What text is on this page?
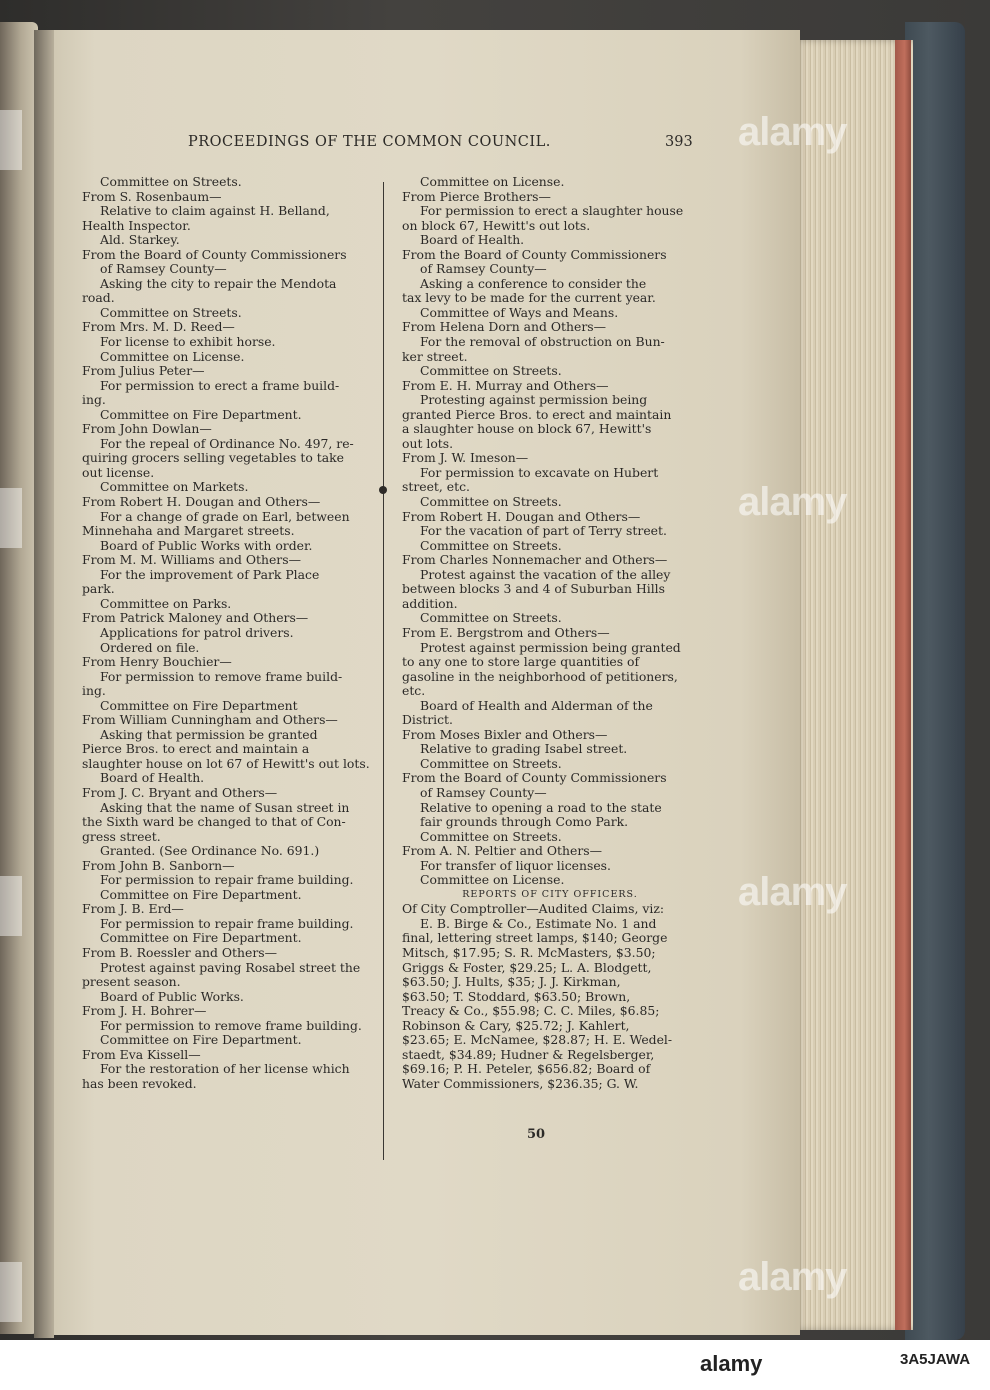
PROCEEDINGS OF THE COMMON COUNCIL.	393
Committee on Streets.
From S. Rosenbaum—
Relative to claim against H. Belland,
Health Inspector.
Ald. Starkey.
From the Board of County Commissioners
of Ramsey County—
Asking the city to repair the Mendota
road.
Committee on Streets.
From Mrs. M. D. Reed—
For license to exhibit horse.
Committee on License.
From Julius Peter—
For permission to erect a frame build-
ing.
Committee on Fire Department.
From John Dowlan—
For the repeal of Ordinance No. 497, re-
quiring grocers selling vegetables to take
out license.
Committee on Markets.
From Robert H. Dougan and Others—
For a change of grade on Earl, between
Minnehaha and Margaret streets.
Board of Public Works with order.
From M. M. Williams and Others—
For the improvement of Park Place
park.
Committee on Parks.
From Patrick Maloney and Others—
Applications for patrol drivers.
Ordered on file.
From Henry Bouchier—
For permission to remove frame build-
ing.
Committee on Fire Department
From William Cunningham and Others—
Asking that permission be granted
Pierce Bros. to erect and maintain a
slaughter house on lot 67 of Hewitt's out lots.
Board of Health.
From J. C. Bryant and Others—
Asking that the name of Susan street in
the Sixth ward be changed to that of Con-
gress street.
Granted. (See Ordinance No. 691.)
From John B. Sanborn—
For permission to repair frame building.
Committee on Fire Department.
From J. B. Erd—
For permission to repair frame building.
Committee on Fire Department.
From B. Roessler and Others—
Protest against paving Rosabel street the
present season.
Board of Public Works.
From J. H. Bohrer—
For permission to remove frame building.
Committee on Fire Department.
From Eva Kissell—
For the restoration of her license which
has been revoked.
Committee on License.
From Pierce Brothers—
For permission to erect a slaughter house
on block 67, Hewitt's out lots.
Board of Health.
From the Board of County Commissioners
of Ramsey County—
Asking a conference to consider the
tax levy to be made for the current year.
Committee of Ways and Means.
From Helena Dorn and Others—
For the removal of obstruction on Bun-
ker street.
Committee on Streets.
From E. H. Murray and Others—
Protesting against permission being
granted Pierce Bros. to erect and maintain
a slaughter house on block 67, Hewitt's
out lots.
From J. W. Imeson—
For permission to excavate on Hubert
street, etc.
Committee on Streets.
From Robert H. Dougan and Others—
For the vacation of part of Terry street.
Committee on Streets.
From Charles Nonnemacher and Others—
Protest against the vacation of the alley
between blocks 3 and 4 of Suburban Hills
addition.
Committee on Streets.
From E. Bergstrom and Others—
Protest against permission being granted
to any one to store large quantities of
gasoline in the neighborhood of petitioners,
etc.
Board of Health and Alderman of the
District.
From Moses Bixler and Others—
Relative to grading Isabel street.
Committee on Streets.
From the Board of County Commissioners
of Ramsey County—
Relative to opening a road to the state
fair grounds through Como Park.
Committee on Streets.
From A. N. Peltier and Others—
For transfer of liquor licenses.
Committee on License.
REPORTS OF CITY OFFICERS.
Of City Comptroller—Audited Claims, viz:
E. B. Birge & Co., Estimate No. 1 and
final, lettering street lamps, $140; George
Mitsch, $17.95; S. R. McMasters, $3.50;
Griggs & Foster, $29.25; L. A. Blodgett,
$63.50; J. Hults, $35; J. J. Kirkman,
$63.50; T. Stoddard, $63.50; Brown,
Treacy & Co., $55.98; C. C. Miles, $6.85;
Robinson & Cary, $25.72; J. Kahlert,
$23.65; E. McNamee, $28.87; H. E. Wedel-
staedt, $34.89; Hudner & Regelsberger,
$69.16; P. H. Peteler, $656.82; Board of
Water Commissioners, $236.35; G. W.
50
alamy
alamy
alamy
alamy
alamy	3A5JAWA
